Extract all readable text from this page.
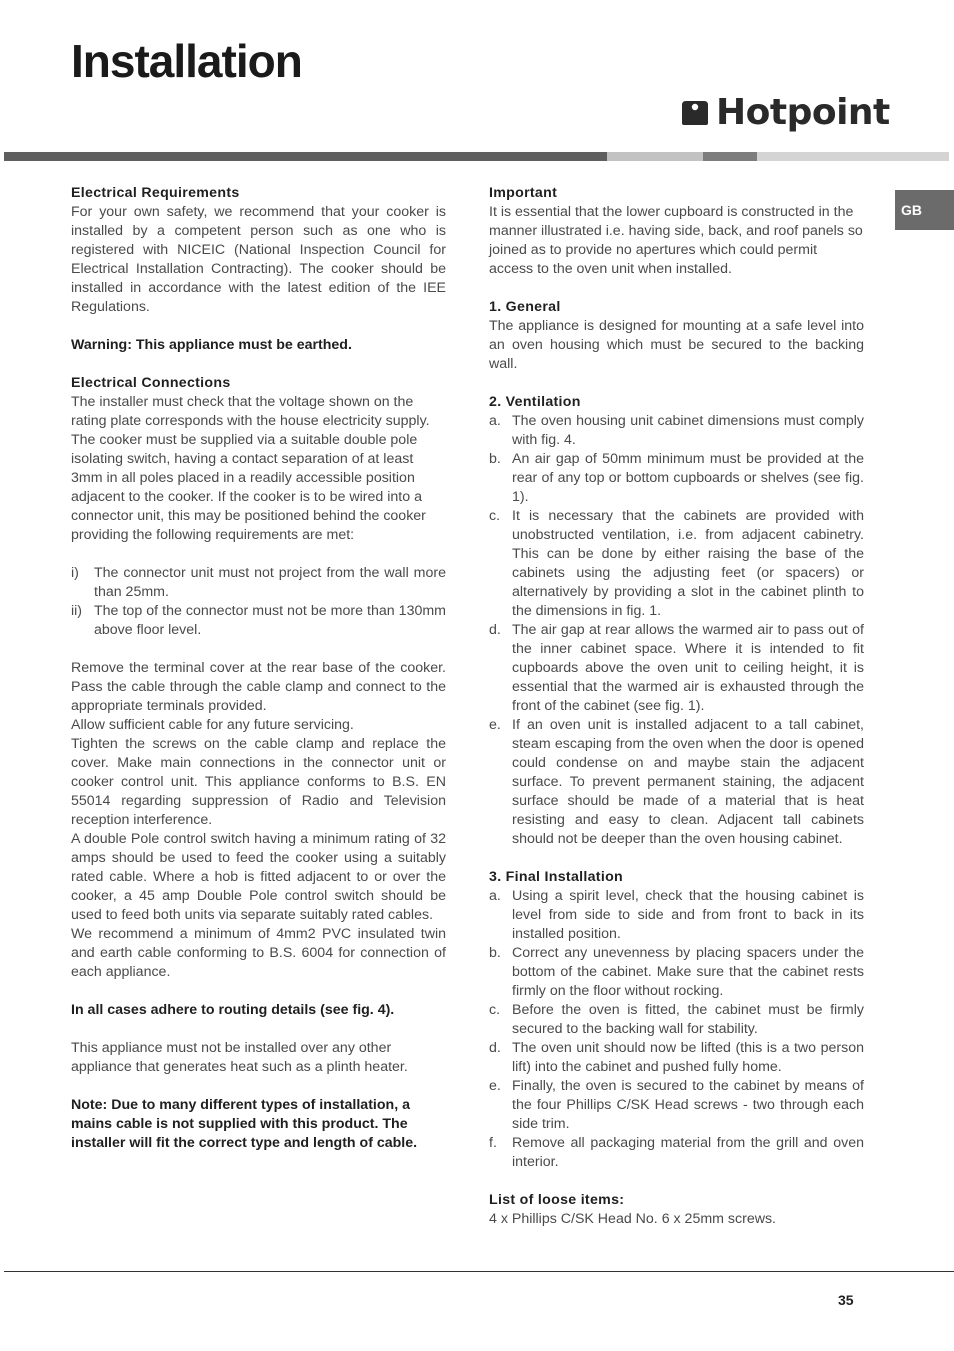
Installation
Hotpoint
GB

Electrical Requirements

For your own safety, we recommend that your cooker is installed by a competent person such as one who is registered with NICEIC (National Inspection Council for Electrical Installation Contracting). The cooker should be installed in accordance with the latest edition of the IEE Regulations.

Warning: This appliance must be earthed.

Electrical Connections

The installer must check that the voltage shown on the rating plate corresponds with the house electricity supply. The cooker must be supplied via a suitable double pole isolating switch, having a contact separation of at least 3mm in all poles placed in a readily accessible position adjacent to the cooker. If the cooker is to be wired into a connector unit, this may be positioned behind the cooker providing the following requirements are met:

i)	The connector unit must not project from the wall more than 25mm.
ii) The top of the connector must not be more than 130mm above floor level.

Remove the terminal cover at the rear base of the cooker. Pass the cable through the cable clamp and connect to the appropriate terminals provided.

Allow sufficient cable for any future servicing.

Tighten the screws on the cable clamp and replace the cover. Make main connections in the connector unit or cooker control unit. This appliance conforms to B.S. EN 55014 regarding suppression of Radio and Television reception interference.

A double Pole control switch having a minimum rating of 32 amps should be used to feed the cooker using a suitably rated cable. Where a hob is fitted adjacent to or over the cooker, a 45 amp Double Pole control switch should be used to feed both units via separate suitably rated cables.

We recommend a minimum of 4mm2 PVC insulated twin and earth cable conforming to B.S. 6004 for connection of each appliance.

In all cases adhere to routing details (see fig. 4).

This appliance must not be installed over any other appliance that generates heat such as a plinth heater.

Note: Due to many different types of installation, a mains cable is not supplied with this product. The installer will fit the correct type and length of cable.

Important

It is essential that the lower cupboard is constructed in the manner illustrated i.e. having side, back, and roof panels so joined as to provide no apertures which could permit access to the oven unit when installed.

1. General

The appliance is designed for mounting at a safe level into an oven housing which must be secured to the backing wall.

2. Ventilation

a. The oven housing unit cabinet dimensions must comply with fig. 4.
b. An air gap of 50mm minimum must be provided at the rear of any top or bottom cupboards or shelves (see fig. 1).
c. It is necessary that the cabinets are provided with unobstructed ventilation, i.e. from adjacent cabinetry. This can be done by either raising the base of the cabinets using the adjusting feet (or spacers) or alternatively by providing a slot in the cabinet plinth to the dimensions in fig. 1.
d. The air gap at rear allows the warmed air to pass out of the inner cabinet space. Where it is intended to fit cupboards above the oven unit to ceiling height, it is essential that the warmed air is exhausted through the front of the cabinet (see fig. 1).
e. If an oven unit is installed adjacent to a tall cabinet, steam escaping from the oven when the door is opened could condense on and maybe stain the adjacent surface. To prevent permanent staining, the adjacent surface should be made of a material that is heat resisting and easy to clean. Adjacent tall cabinets should not be deeper than the oven housing cabinet.

3. Final Installation

a. Using a spirit level, check that the housing cabinet is level from side to side and from front to back in its installed position.
b. Correct any unevenness by placing spacers under the bottom of the cabinet. Make sure that the cabinet rests firmly on the floor without rocking.
c. Before the oven is fitted, the cabinet must be firmly secured to the backing wall for stability.
d. The oven unit should now be lifted (this is a two person lift) into the cabinet and pushed fully home.
e. Finally, the oven is secured to the cabinet by means of the four Phillips C/SK Head screws - two through each side trim.
f.	Remove all packaging material from the grill and oven interior.

List of loose items:

4 x Phillips C/SK Head No. 6 x 25mm screws.

35
